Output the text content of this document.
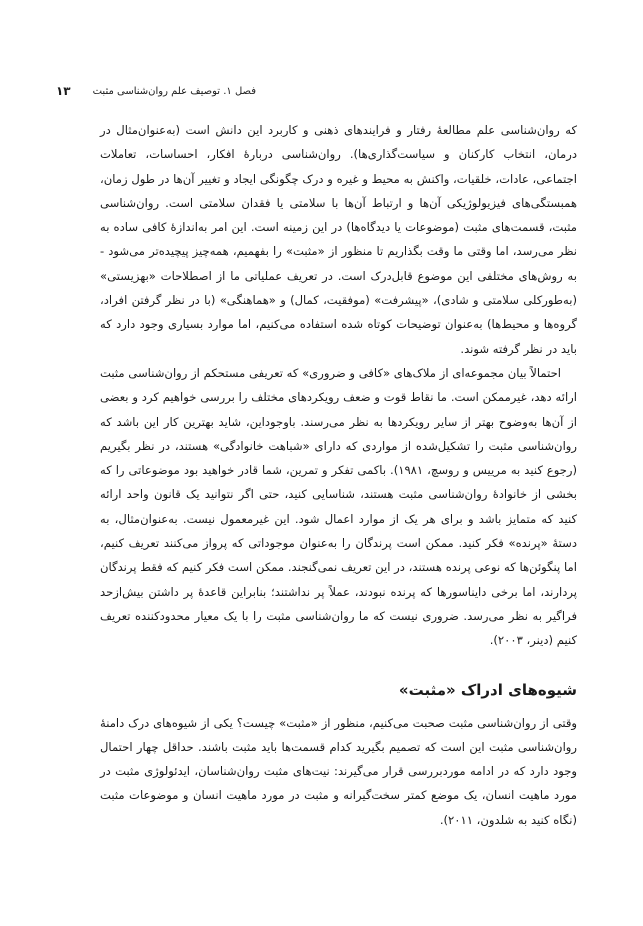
فصل ۱. توصیف علم روان‌شناسی مثبت
۱۳

که روان‌شناسی علم مطالعهٔ رفتار و فرایندهای ذهنی و کاربرد این دانش است (به‌عنوان‌مثال در درمان، انتخاب کارکنان و سیاست‌گذاری‌ها). روان‌شناسی دربارهٔ افکار، احساسات، تعاملات اجتماعی، عادات، خلقیات، واکنش به محیط و غیره و درک چگونگی ایجاد و تغییر آن‌ها در طول زمان، همبستگی‌های فیزیولوژیکی آن‌ها و ارتباط آن‌ها با سلامتی یا فقدان سلامتی است. روان‌شناسی مثبت، قسمت‌های مثبت (موضوعات یا دیدگاه‌ها) در این زمینه است. این امر به‌اندازهٔ کافی ساده به نظر می‌رسد، اما وقتی ما وقت بگذاریم تا منظور از «مثبت» را بفهمیم، همه‌چیز پیچیده‌تر می‌شود - به روش‌های مختلفی این موضوع قابل‌درک است. در تعریف عملیاتی ما از اصطلاحات «بهزیستی» (به‌طورکلی سلامتی و شادی)، «پیشرفت» (موفقیت، کمال) و «هماهنگی» (با در نظر گرفتن افراد، گروه‌ها و محیط‌ها) به‌عنوان توضیحات کوتاه شده استفاده می‌کنیم، اما موارد بسیاری وجود دارد که باید در نظر گرفته شوند.

احتمالاً بیان مجموعه‌ای از ملاک‌های «کافی و ضروری» که تعریفی مستحکم از روان‌شناسی مثبت ارائه دهد، غیرممکن است. ما نقاط قوت و ضعف رویکردهای مختلف را بررسی خواهیم کرد و بعضی از آن‌ها به‌وضوح بهتر از سایر رویکردها به نظر می‌رسند. باوجوداین، شاید بهترین کار این باشد که روان‌شناسی مثبت را تشکیل‌شده از مواردی که دارای «شباهت خانوادگی» هستند، در نظر بگیریم (رجوع کنید به مرییس و روسچ، ۱۹۸۱). باکمی تفکر و تمرین، شما قادر خواهید بود موضوعاتی را که بخشی از خانوادهٔ روان‌شناسی مثبت هستند، شناسایی کنید، حتی اگر نتوانید یک قانون واحد ارائه کنید که متمایز باشد و برای هر یک از موارد اعمال شود. این غیرمعمول نیست. به‌عنوان‌مثال، به دستهٔ «پرنده» فکر کنید. ممکن است پرندگان را به‌عنوان موجوداتی که پرواز می‌کنند تعریف کنیم، اما پنگوئن‌ها که نوعی پرنده هستند، در این تعریف نمی‌گنجند. ممکن است فکر کنیم که فقط پرندگان پردارند، اما برخی دایناسورها که پرنده نبودند، عملاً پر نداشتند؛ بنابراین قاعدهٔ پر داشتن بیش‌ازحد فراگیر به نظر می‌رسد. ضروری نیست که ما روان‌شناسی مثبت را با یک معیار محدودکننده تعریف کنیم (دینر، ۲۰۰۳).

شیوه‌های ادراک «مثبت»

وقتی از روان‌شناسی مثبت صحبت می‌کنیم، منظور از «مثبت» چیست؟ یکی از شیوه‌های درک دامنهٔ روان‌شناسی مثبت این است که تصمیم بگیرید کدام قسمت‌ها باید مثبت باشند. حداقل چهار احتمال وجود دارد که در ادامه موردبررسی قرار می‌گیرند: نیت‌های مثبت روان‌شناسان، ایدئولوژی مثبت در مورد ماهیت انسان، یک موضع کمتر سخت‌گیرانه و مثبت در مورد ماهیت انسان و موضوعات مثبت (نگاه کنید به شلدون، ۲۰۱۱).
